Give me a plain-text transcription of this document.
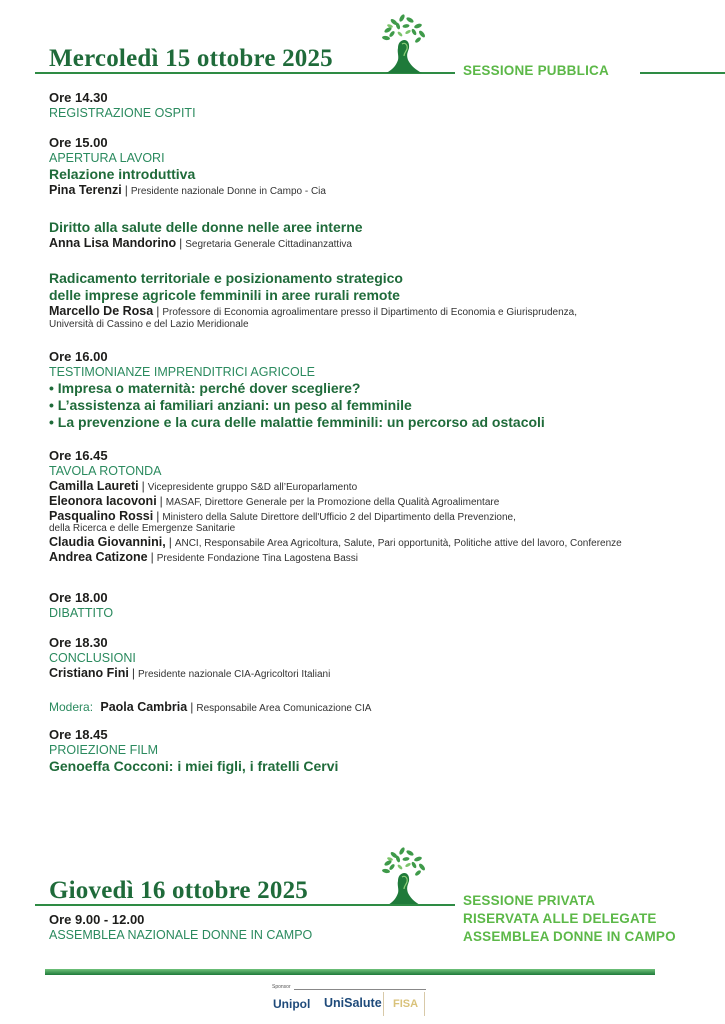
Mercoledì 15 ottobre 2025	SESSIONE PUBBLICA
Ore 14.30
REGISTRAZIONE OSPITI
Ore 15.00
APERTURA LAVORI
Relazione introduttiva
Pina Terenzi | Presidente nazionale Donne in Campo - Cia
Diritto alla salute delle donne nelle aree interne
Anna Lisa Mandorino | Segretaria Generale Cittadinanzattiva
Radicamento territoriale e posizionamento strategico
delle imprese agricole femminili in aree rurali remote
Marcello De Rosa | Professore di Economia agroalimentare presso il Dipartimento di Economia e Giurisprudenza,
Università di Cassino e del Lazio Meridionale
Ore 16.00
TESTIMONIANZE IMPRENDITRICI AGRICOLE
• Impresa o maternità: perché dover scegliere?
• L’assistenza ai familiari anziani: un peso al femminile
• La prevenzione e la cura delle malattie femminili: un percorso ad ostacoli
Ore 16.45
TAVOLA ROTONDA
Camilla Laureti | Vicepresidente gruppo S&D all’Europarlamento
Eleonora Iacovoni | MASAF, Direttore Generale per la Promozione della Qualità Agroalimentare
Pasqualino Rossi | Ministero della Salute Direttore dell'Ufficio 2 del Dipartimento della Prevenzione,
della Ricerca e delle Emergenze Sanitarie
Claudia Giovannini, | ANCI, Responsabile Area Agricoltura, Salute, Pari opportunità, Politiche attive del lavoro, Conferenze
Andrea Catizone | Presidente Fondazione Tina Lagostena Bassi
Ore 18.00
DIBATTITO
Ore 18.30
CONCLUSIONI
Cristiano Fini | Presidente nazionale CIA-Agricoltori Italiani
Modera: Paola Cambria | Responsabile Area Comunicazione CIA
Ore 18.45
PROIEZIONE FILM
Genoeffa Cocconi: i miei figli, i fratelli Cervi
Giovedì 16 ottobre 2025
Ore 9.00 - 12.00
ASSEMBLEA NAZIONALE DONNE IN CAMPO
SESSIONE PRIVATA
RISERVATA ALLE DELEGATE
ASSEMBLEA DONNE IN CAMPO
Sponsor
Unipol UniSalute FISA
